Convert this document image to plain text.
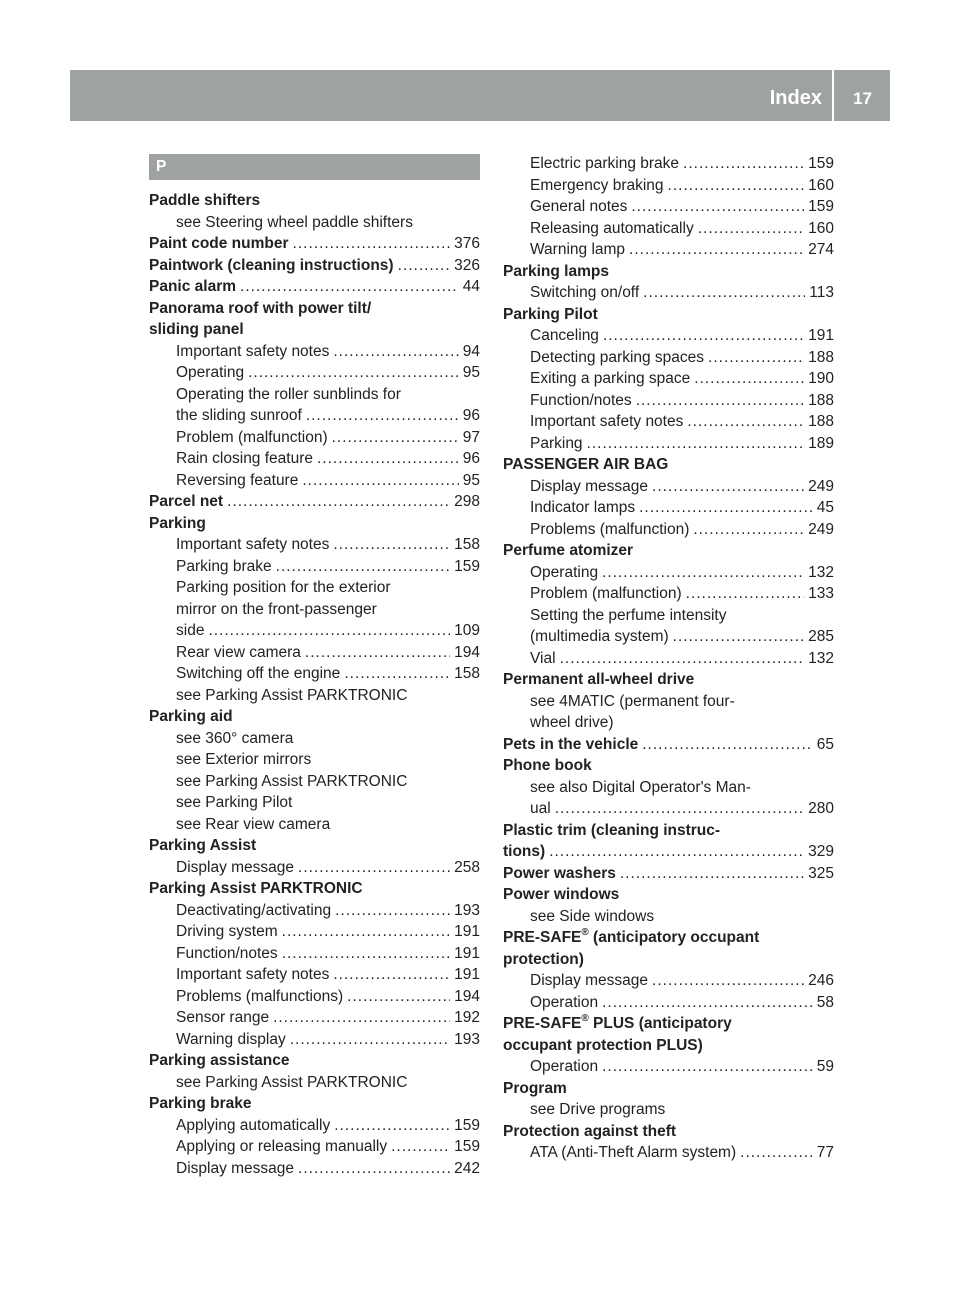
Index 17
P
Paddle shifters
see Steering wheel paddle shifters
Paint code number .....	376
Paintwork (cleaning instructions) .....	326
Panic alarm .....	44
Panorama roof with power tilt/
sliding panel
Important safety notes .....	94
Operating .....	95
Operating the roller sunblinds for
the sliding sunroof .....	96
Problem (malfunction) .....	97
Rain closing feature .....	96
Reversing feature .....	95
Parcel net .....	298
Parking
Important safety notes .....	158
Parking brake .....	159
Parking position for the exterior
mirror on the front-passenger
side .....	109
Rear view camera .....	194
Switching off the engine .....	158
see Parking Assist PARKTRONIC
Parking aid
see 360° camera
see Exterior mirrors
see Parking Assist PARKTRONIC
see Parking Pilot
see Rear view camera
Parking Assist
Display message .....	258
Parking Assist PARKTRONIC
Deactivating/activating .....	193
Driving system .....	191
Function/notes .....	191
Important safety notes .....	191
Problems (malfunctions) .....	194
Sensor range .....	192
Warning display .....	193
Parking assistance
see Parking Assist PARKTRONIC
Parking brake
Applying automatically .....	159
Applying or releasing manually .....	159
Display message .....	242
Electric parking brake .....	159
Emergency braking .....	160
General notes .....	159
Releasing automatically .....	160
Warning lamp .....	274
Parking lamps
Switching on/off .....	113
Parking Pilot
Canceling .....	191
Detecting parking spaces .....	188
Exiting a parking space .....	190
Function/notes .....	188
Important safety notes .....	188
Parking .....	189
PASSENGER AIR BAG
Display message .....	249
Indicator lamps .....	45
Problems (malfunction) .....	249
Perfume atomizer
Operating .....	132
Problem (malfunction) .....	133
Setting the perfume intensity
(multimedia system) .....	285
Vial .....	132
Permanent all-wheel drive
see 4MATIC (permanent four-
wheel drive)
Pets in the vehicle .....	65
Phone book
see also Digital Operator's Man-
ual .....	280
Plastic trim (cleaning instruc-
tions) .....	329
Power washers .....	325
Power windows
see Side windows
PRE-SAFE® (anticipatory occupant
protection)
Display message .....	246
Operation .....	58
PRE-SAFE® PLUS (anticipatory
occupant protection PLUS)
Operation .....	59
Program
see Drive programs
Protection against theft
ATA (Anti-Theft Alarm system) .....	77
